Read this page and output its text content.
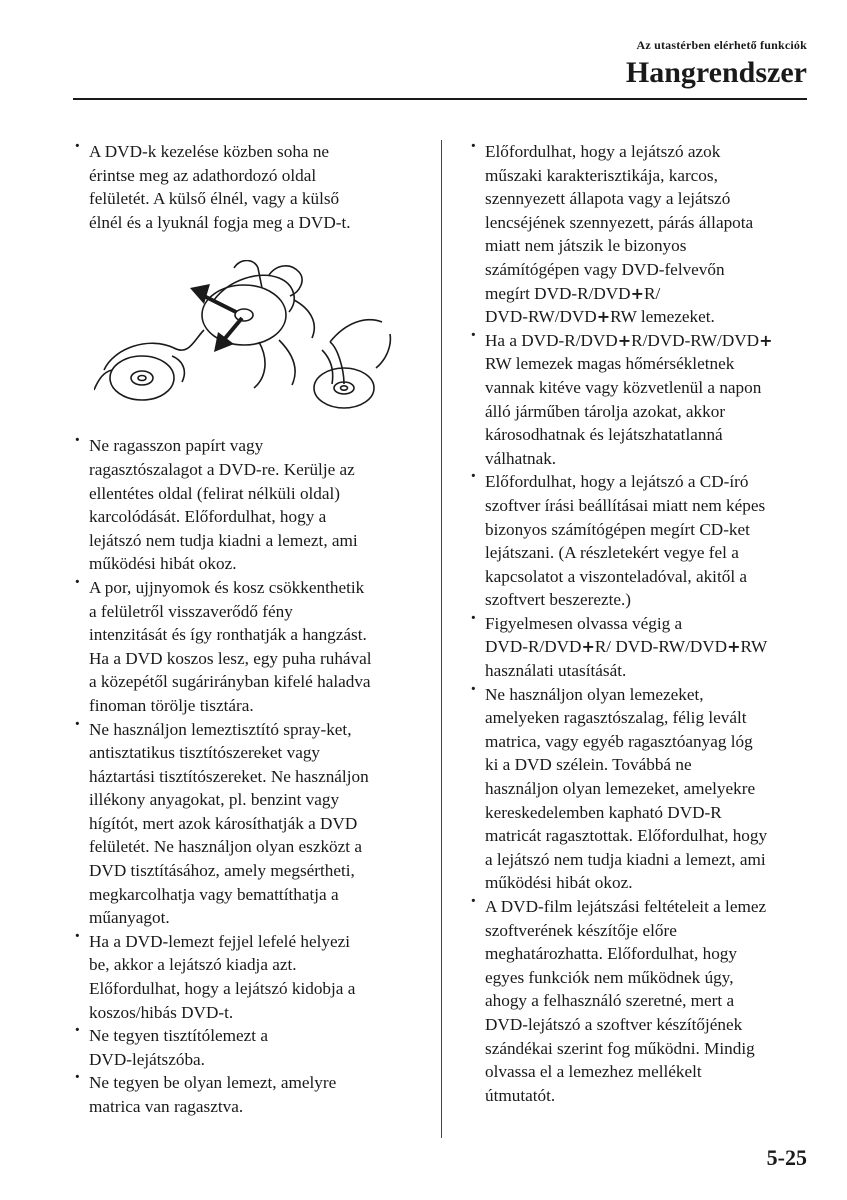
Az utastérben elérhető funkciók
Hangrendszer
· A DVD-k kezelése közben soha ne
érintse meg az adathordozó oldal
felületét. A külső élnél, vagy a külső
élnél és a lyuknál fogja meg a DVD-t.
· Ne ragasszon papírt vagy
ragasztószalagot a DVD-re. Kerülje az
ellentétes oldal (felirat nélküli oldal)
karcolódását. Előfordulhat, hogy a
lejátszó nem tudja kiadni a lemezt, ami
működési hibát okoz.
· A por, ujjnyomok és kosz csökkenthetik
a felületről visszaverődő fény
intenzitását és így ronthatják a hangzást.
Ha a DVD koszos lesz, egy puha ruhával
a közepétől sugárirányban kifelé haladva
finoman törölje tisztára.
· Ne használjon lemeztisztító spray-ket,
antisztatikus tisztítószereket vagy
háztartási tisztítószereket. Ne használjon
illékony anyagokat, pl. benzint vagy
hígítót, mert azok károsíthatják a DVD
felületét. Ne használjon olyan eszközt a
DVD tisztításához, amely megsértheti,
megkarcolhatja vagy bemattíthatja a
műanyagot.
· Ha a DVD-lemezt fejjel lefelé helyezi
be, akkor a lejátszó kiadja azt.
Előfordulhat, hogy a lejátszó kidobja a
koszos/hibás DVD-t.
· Ne tegyen tisztítólemezt a
DVD-lejátszóba.
· Ne tegyen be olyan lemezt, amelyre
matrica van ragasztva.
· Előfordulhat, hogy a lejátszó azok
műszaki karakterisztikája, karcos,
szennyezett állapota vagy a lejátszó
lencséjének szennyezett, párás állapota
miatt nem játszik le bizonyos
számítógépen vagy DVD-felvevőn
megírt DVD-R/DVD+R/
DVD-RW/DVD+RW lemezeket.
· Ha a DVD-R/DVD+R/DVD-RW/DVD+
RW lemezek magas hőmérsékletnek
vannak kitéve vagy közvetlenül a napon
álló járműben tárolja azokat, akkor
károsodhatnak és lejátszhatatlanná
válhatnak.
· Előfordulhat, hogy a lejátszó a CD-író
szoftver írási beállításai miatt nem képes
bizonyos számítógépen megírt CD-ket
lejátszani. (A részletekért vegye fel a
kapcsolatot a viszonteladóval, akitől a
szoftvert beszerezte.)
· Figyelmesen olvassa végig a
DVD-R/DVD+R/ DVD-RW/DVD+RW
használati utasítását.
· Ne használjon olyan lemezeket,
amelyeken ragasztószalag, félig levált
matrica, vagy egyéb ragasztóanyag lóg
ki a DVD szélein. Továbbá ne
használjon olyan lemezeket, amelyekre
kereskedelemben kapható DVD-R
matricát ragasztottak. Előfordulhat, hogy
a lejátszó nem tudja kiadni a lemezt, ami
működési hibát okoz.
· A DVD-film lejátszási feltételeit a lemez
szoftverének készítője előre
meghatározhatta. Előfordulhat, hogy
egyes funkciók nem működnek úgy,
ahogy a felhasználó szeretné, mert a
DVD-lejátszó a szoftver készítőjének
szándékai szerint fog működni. Mindig
olvassa el a lemezhez mellékelt
útmutatót.
5-25
